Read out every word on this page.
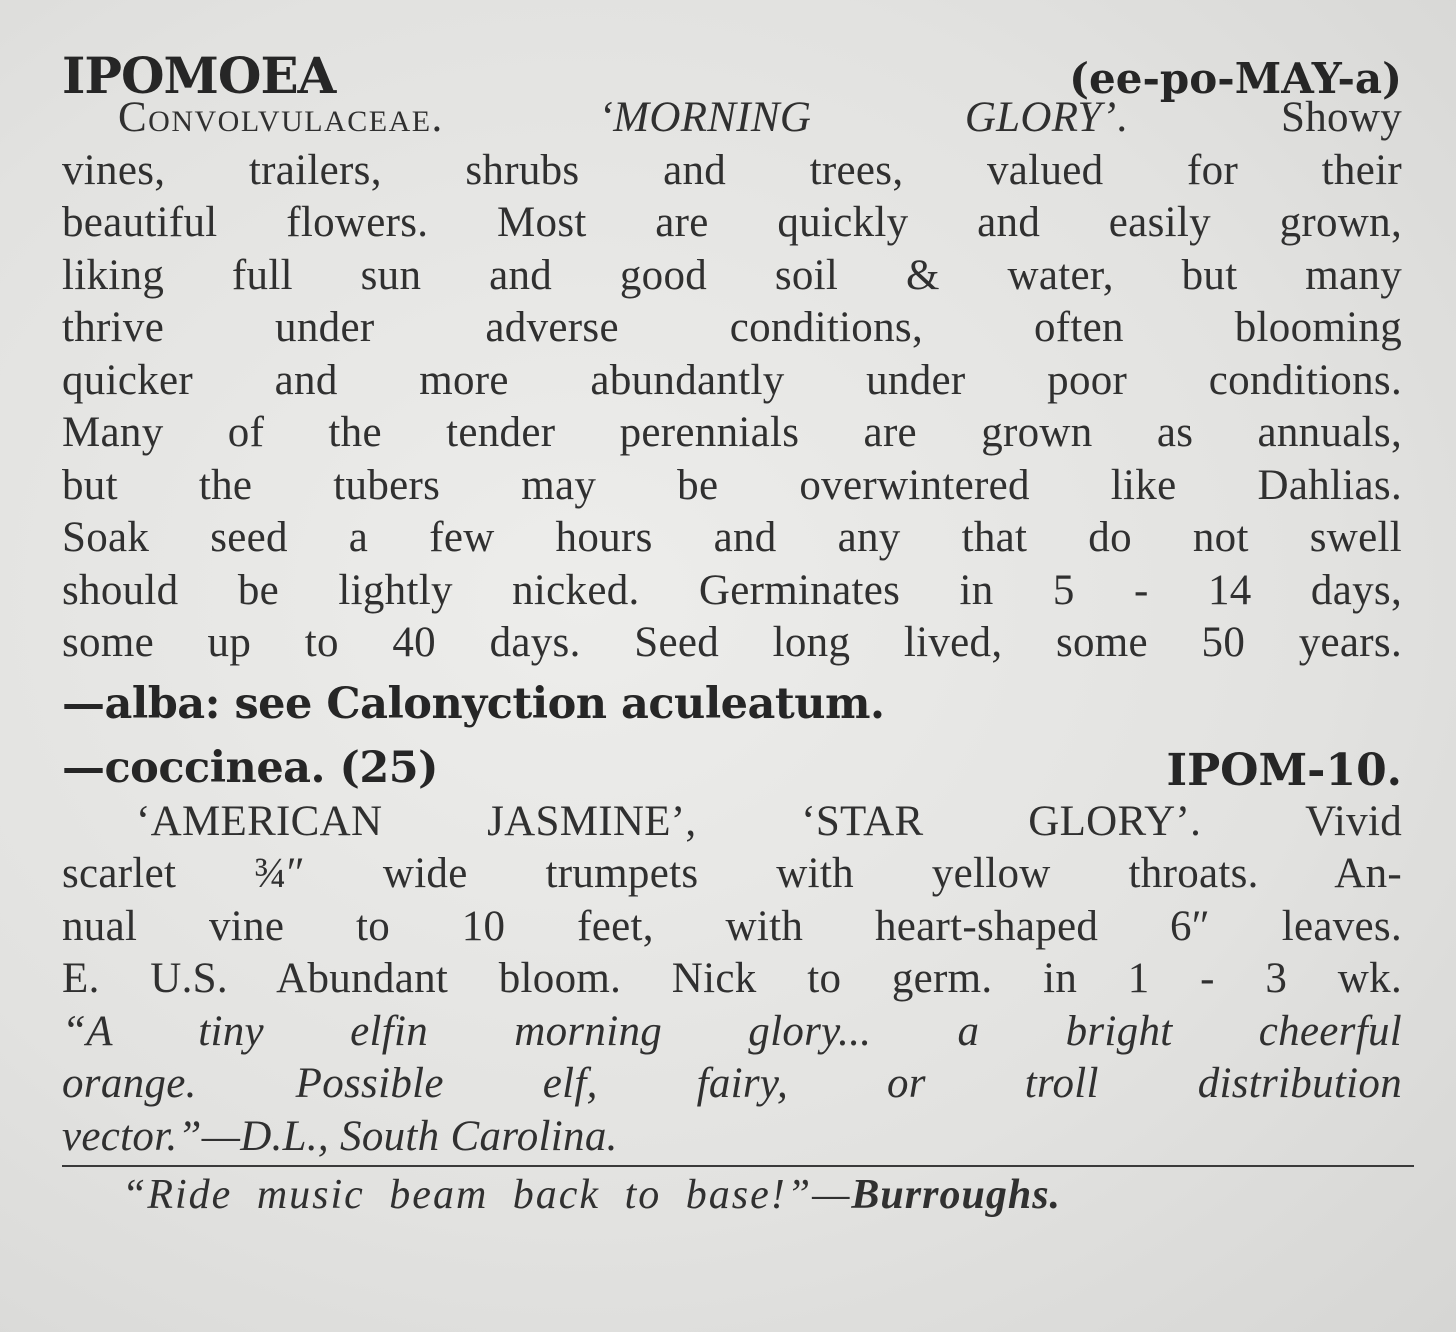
IPOMOEA	(ee-po-MAY-a)
Convolvulaceae. ‘MORNING GLORY’. Showy
vines, trailers, shrubs and trees, valued for their
beautiful flowers. Most are quickly and easily grown,
liking full sun and good soil & water, but many
thrive under adverse conditions, often blooming
quicker and more abundantly under poor conditions.
Many of the tender perennials are grown as annuals,
but the tubers may be overwintered like Dahlias.
Soak seed a few hours and any that do not swell
should be lightly nicked. Germinates in 5 - 14 days,
some up to 40 days. Seed long lived, some 50 years.
—alba: see Calonyction aculeatum.
—coccinea. (25)	IPOM-10.
‘AMERICAN JASMINE’, ‘STAR GLORY’. Vivid
scarlet ¾″ wide trumpets with yellow throats. An-
nual vine to 10 feet, with heart-shaped 6″ leaves.
E. U.S. Abundant bloom. Nick to germ. in 1 - 3 wk.
“A tiny elfin morning glory... a bright cheerful
orange. Possible elf, fairy, or troll distribution
vector.”—D.L., South Carolina.
“Ride music beam back to base!”—Burroughs.
